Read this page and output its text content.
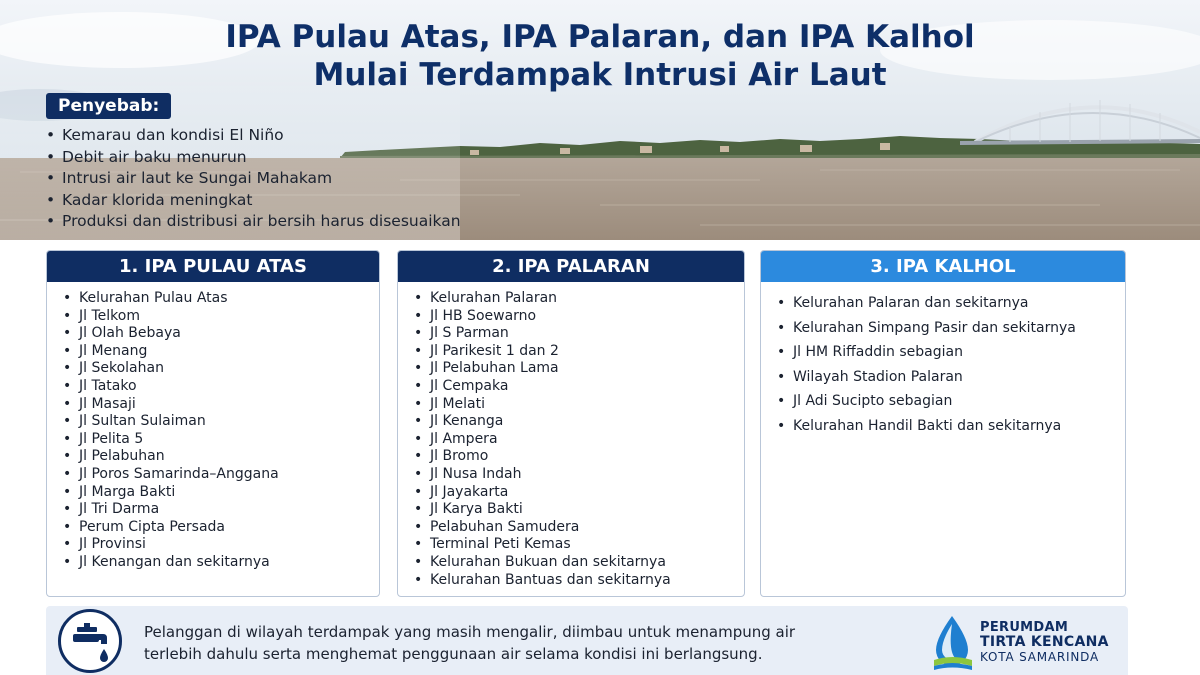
IPA Pulau Atas, IPA Palaran, dan IPA Kalhol
Mulai Terdampak Intrusi Air Laut
Penyebab:
• Kemarau dan kondisi El Niño
• Debit air baku menurun
• Intrusi air laut ke Sungai Mahakam
• Kadar klorida meningkat
• Produksi dan distribusi air bersih harus disesuaikan
1. IPA PULAU ATAS
• Kelurahan Pulau Atas
• Jl Telkom
• Jl Olah Bebaya
• Jl Menang
• Jl Sekolahan
• Jl Tatako
• Jl Masaji
• Jl Sultan Sulaiman
• Jl Pelita 5
• Jl Pelabuhan
• Jl Poros Samarinda–Anggana
• Jl Marga Bakti
• Jl Tri Darma
• Perum Cipta Persada
• Jl Provinsi
• Jl Kenangan dan sekitarnya
2. IPA PALARAN
• Kelurahan Palaran
• Jl HB Soewarno
• Jl S Parman
• Jl Parikesit 1 dan 2
• Jl Pelabuhan Lama
• Jl Cempaka
• Jl Melati
• Jl Kenanga
• Jl Ampera
• Jl Bromo
• Jl Nusa Indah
• Jl Jayakarta
• Jl Karya Bakti
• Pelabuhan Samudera
• Terminal Peti Kemas
• Kelurahan Bukuan dan sekitarnya
• Kelurahan Bantuas dan sekitarnya
3. IPA KALHOL
• Kelurahan Palaran dan sekitarnya
• Kelurahan Simpang Pasir dan sekitarnya
• Jl HM Riffaddin sebagian
• Wilayah Stadion Palaran
• Jl Adi Sucipto sebagian
• Kelurahan Handil Bakti dan sekitarnya
Pelanggan di wilayah terdampak yang masih mengalir, diimbau untuk menampung air
terlebih dahulu serta menghemat penggunaan air selama kondisi ini berlangsung.
PERUMDAM
TIRTA KENCANA
KOTA SAMARINDA
